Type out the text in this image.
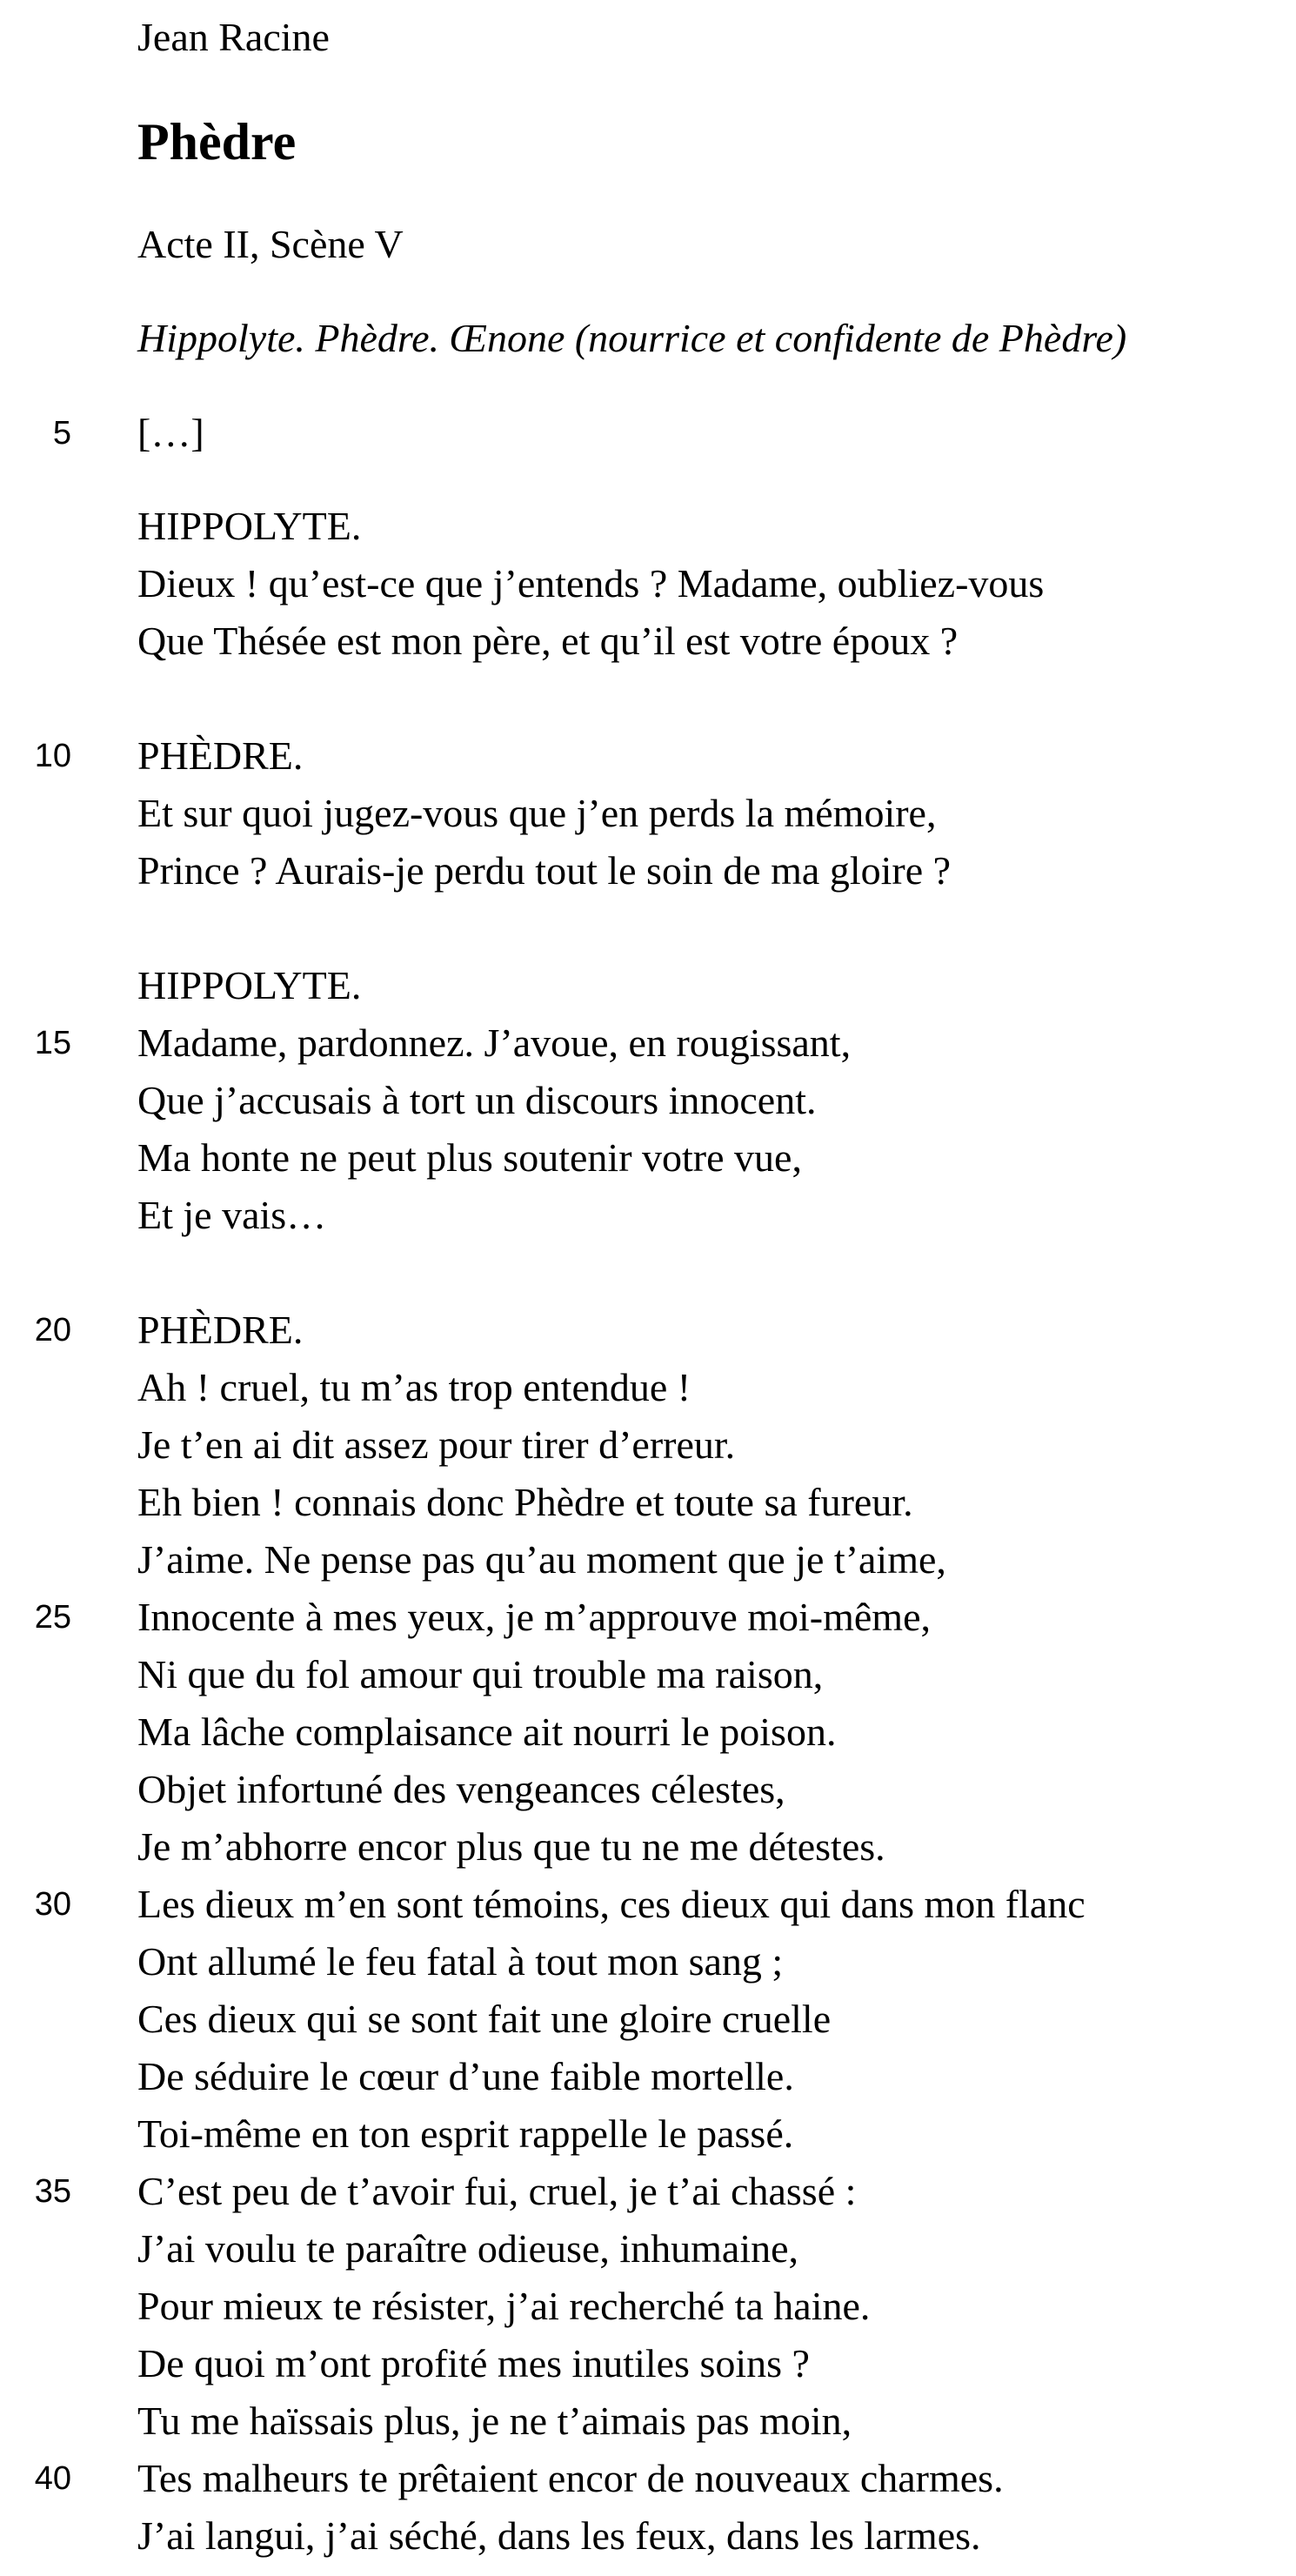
Jean Racine
Phèdre
Acte II, Scène V
Hippolyte. Phèdre. Œnone (nourrice et confidente de Phèdre)
5 […]
HIPPOLYTE.
Dieux ! qu’est-ce que j’entends ? Madame, oubliez-vous
Que Thésée est mon père, et qu’il est votre époux ?
10 PHÈDRE.
Et sur quoi jugez-vous que j’en perds la mémoire,
Prince ? Aurais-je perdu tout le soin de ma gloire ?
HIPPOLYTE.
15 Madame, pardonnez. J’avoue, en rougissant,
Que j’accusais à tort un discours innocent.
Ma honte ne peut plus soutenir votre vue,
Et je vais…
20 PHÈDRE.
Ah ! cruel, tu m’as trop entendue !
Je t’en ai dit assez pour tirer d’erreur.
Eh bien ! connais donc Phèdre et toute sa fureur.
J’aime. Ne pense pas qu’au moment que je t’aime,
25 Innocente à mes yeux, je m’approuve moi-même,
Ni que du fol amour qui trouble ma raison,
Ma lâche complaisance ait nourri le poison.
Objet infortuné des vengeances célestes,
Je m’abhorre encor plus que tu ne me détestes.
30 Les dieux m’en sont témoins, ces dieux qui dans mon flanc
Ont allumé le feu fatal à tout mon sang ;
Ces dieux qui se sont fait une gloire cruelle
De séduire le cœur d’une faible mortelle.
Toi-même en ton esprit rappelle le passé.
35 C’est peu de t’avoir fui, cruel, je t’ai chassé :
J’ai voulu te paraître odieuse, inhumaine,
Pour mieux te résister, j’ai recherché ta haine.
De quoi m’ont profité mes inutiles soins ?
Tu me haïssais plus, je ne t’aimais pas moin,
40 Tes malheurs te prêtaient encor de nouveaux charmes.
J’ai langui, j’ai séché, dans les feux, dans les larmes.
